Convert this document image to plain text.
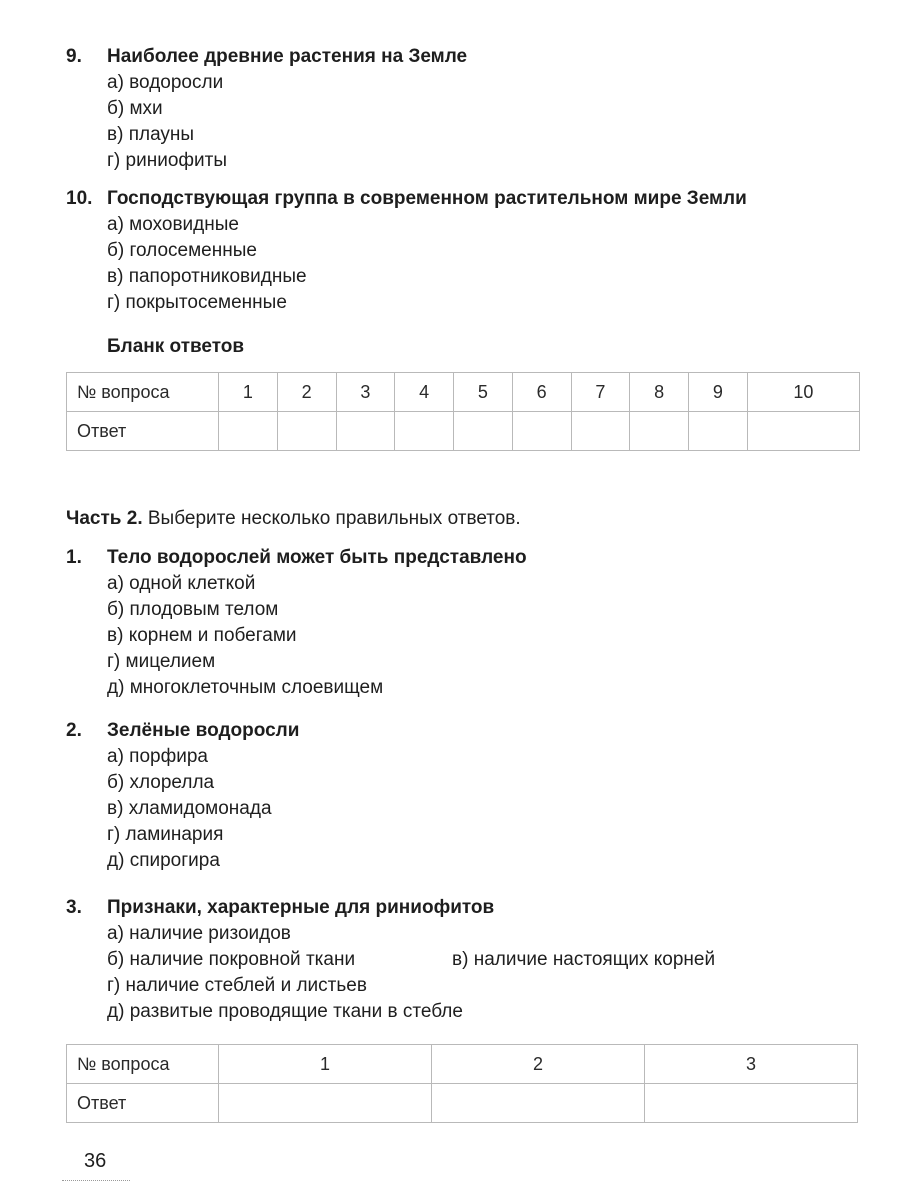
9.	Наиболее древние растения на Земле
а) водоросли
б) мхи
в) плауны
г) риниофиты
10. Господствующая группа в современном растительном мире Земли
а) моховидные
б) голосеменные
в) папоротниковидные
г) покрытосеменные
Бланк ответов
№ вопроса	1	2	3	4	5	6	7	8	9	10
Ответ										
Часть 2. Выберите несколько правильных ответов.
1.	Тело водорослей может быть представлено
а) одной клеткой
б) плодовым телом
в) корнем и побегами
г) мицелием
д) многоклеточным слоевищем
2.	Зелёные водоросли
а) порфира
б) хлорелла
в) хламидомонада
г) ламинария
д) спирогира
3.	Признаки, характерные для риниофитов
а) наличие ризоидов
б) наличие покровной ткани	в) наличие настоящих корней
г) наличие стеблей и листьев
д) развитые проводящие ткани в стебле
№ вопроса	1	2	3
Ответ			
36
